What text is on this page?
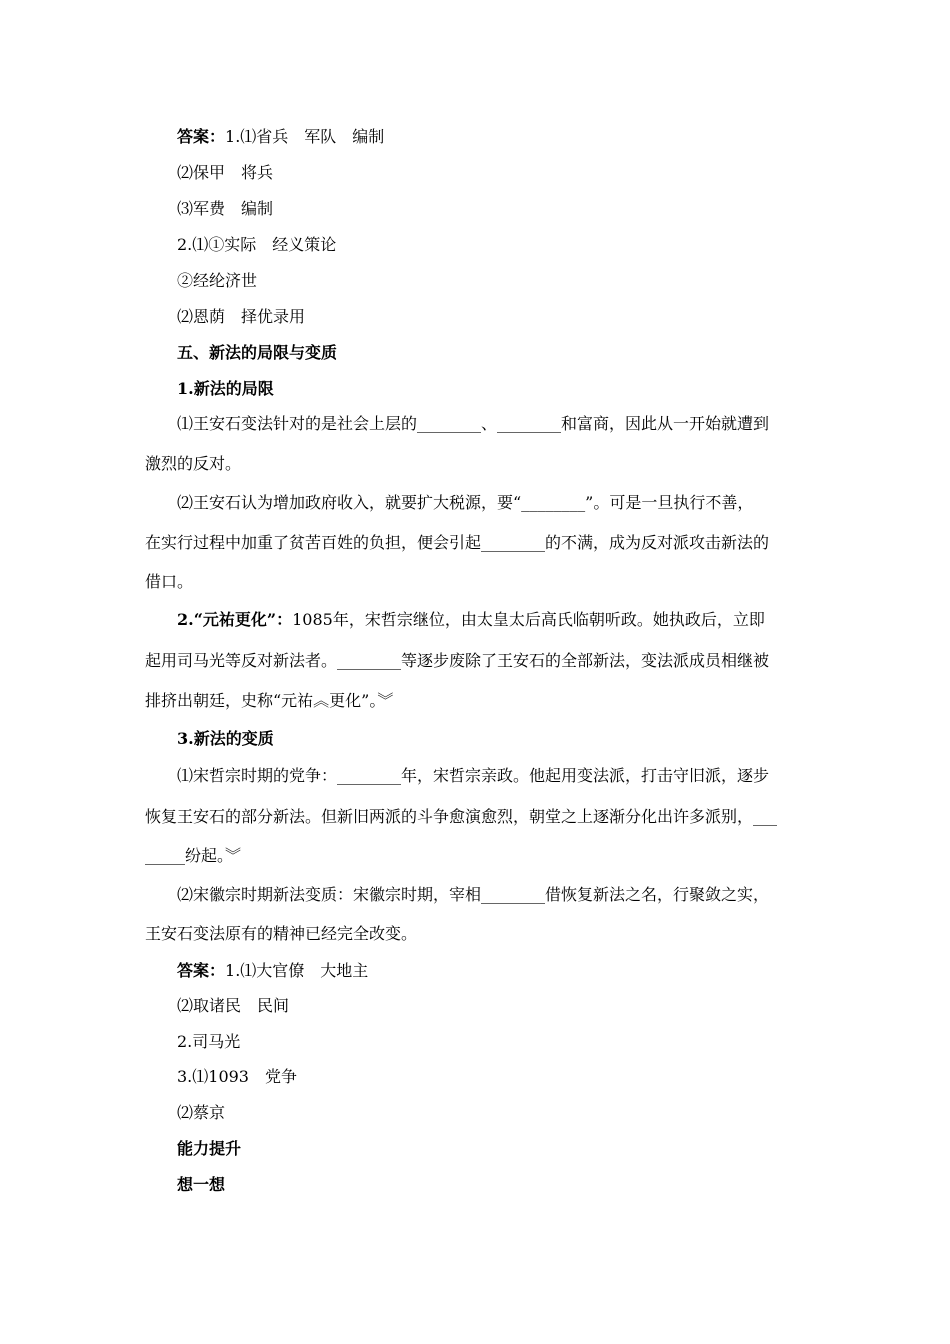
答案：1.⑴省兵　军队　编制
⑵保甲　将兵
⑶军费　编制
2.⑴①实际　经义策论
②经纶济世
⑵恩荫　择优录用
五、新法的局限与变质
1.新法的局限
⑴王安石变法针对的是社会上层的________、________和富商，因此从一开始就遭到
激烈的反对。
⑵王安石认为增加政府收入，就要扩大税源，要“________”。可是一旦执行不善，
在实行过程中加重了贫苦百姓的负担，便会引起________的不满，成为反对派攻击新法的
借口。
2.“元祐更化”：1085年，宋哲宗继位，由太皇太后高氏临朝听政。她执政后，立即
起用司马光等反对新法者。________等逐步废除了王安石的全部新法，变法派成员相继被
排挤出朝廷，史称“元祐︽更化”。︾
3.新法的变质
⑴宋哲宗时期的党争：________年，宋哲宗亲政。他起用变法派，打击守旧派，逐步
恢复王安石的部分新法。但新旧两派的斗争愈演愈烈，朝堂之上逐渐分化出许多派别，___
_____纷起。︾
⑵宋徽宗时期新法变质：宋徽宗时期，宰相________借恢复新法之名，行聚敛之实，
王安石变法原有的精神已经完全改变。
答案：1.⑴大官僚　大地主
⑵取诸民　民间
2.司马光
3.⑴1093　党争
⑵蔡京
能力提升
想一想
